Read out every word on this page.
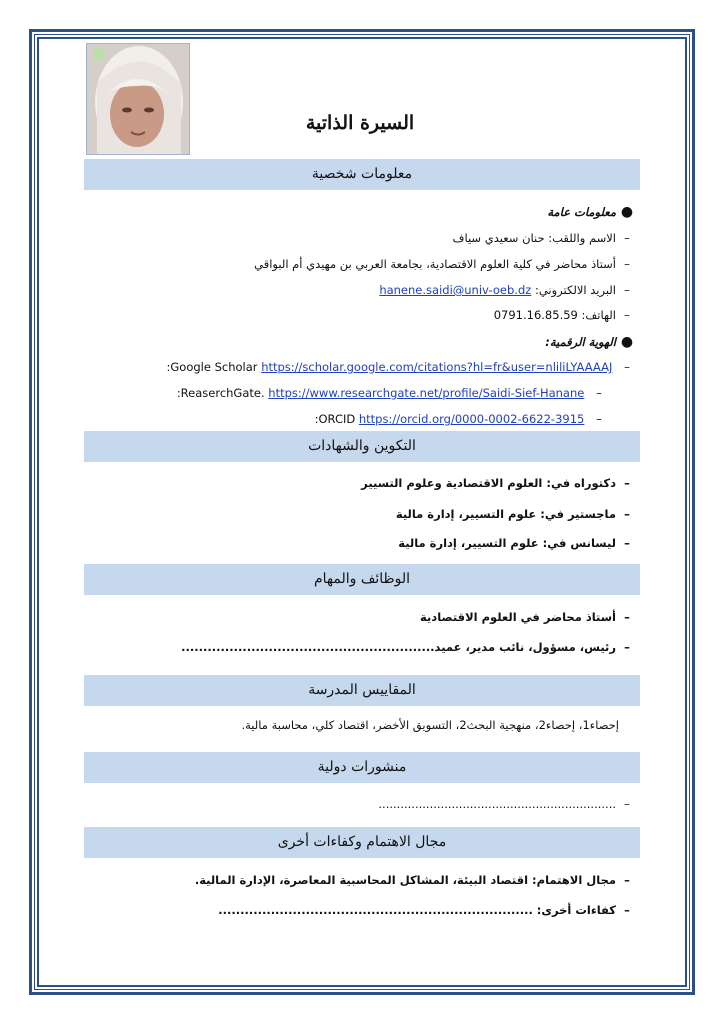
السيرة الذاتية
معلومات شخصية
●معلومات عامة
–الاسم واللقب: حنان سعيدي سياف
–أستاذ محاضر في كلية العلوم الاقتصادية، بجامعة العربي بن مهيدي أم البواقي
–البريد الالكتروني: hanene.saidi@univ-oeb.dz
–الهاتف: 0791.16.85.59
●الهوية الرقمية:
– :Google Scholar https://scholar.google.com/citations?hl=fr&user=nliliLYAAAAJ
– :ReaserchGate. https://www.researchgate.net/profile/Saidi-Sief-Hanane
– :ORCID https://orcid.org/0000-0002-6622-3915
التكوين والشهادات
–دكتوراه في: العلوم الاقتصادية وعلوم التسيير
–ماجستير في: علوم التسيير، إدارة مالية
–ليسانس في: علوم التسيير، إدارة مالية
الوظائف والمهام
–أستاذ محاضر في العلوم الاقتصادية
–رئيس، مسؤول، نائب مدير، عميد..........................................................
المقاييس المدرسة
إحصاء1، إحصاء2، منهجية البحث2، التسويق الأخضر، اقتصاد كلي، محاسبة مالية.
منشورات دولية
–.................................................................
مجال الاهتمام وكفاءات أخرى
–مجال الاهتمام: اقتصاد البيئة، المشاكل المحاسبية المعاصرة، الإدارة المالية.
–كفاءات أخرى: ........................................................................
